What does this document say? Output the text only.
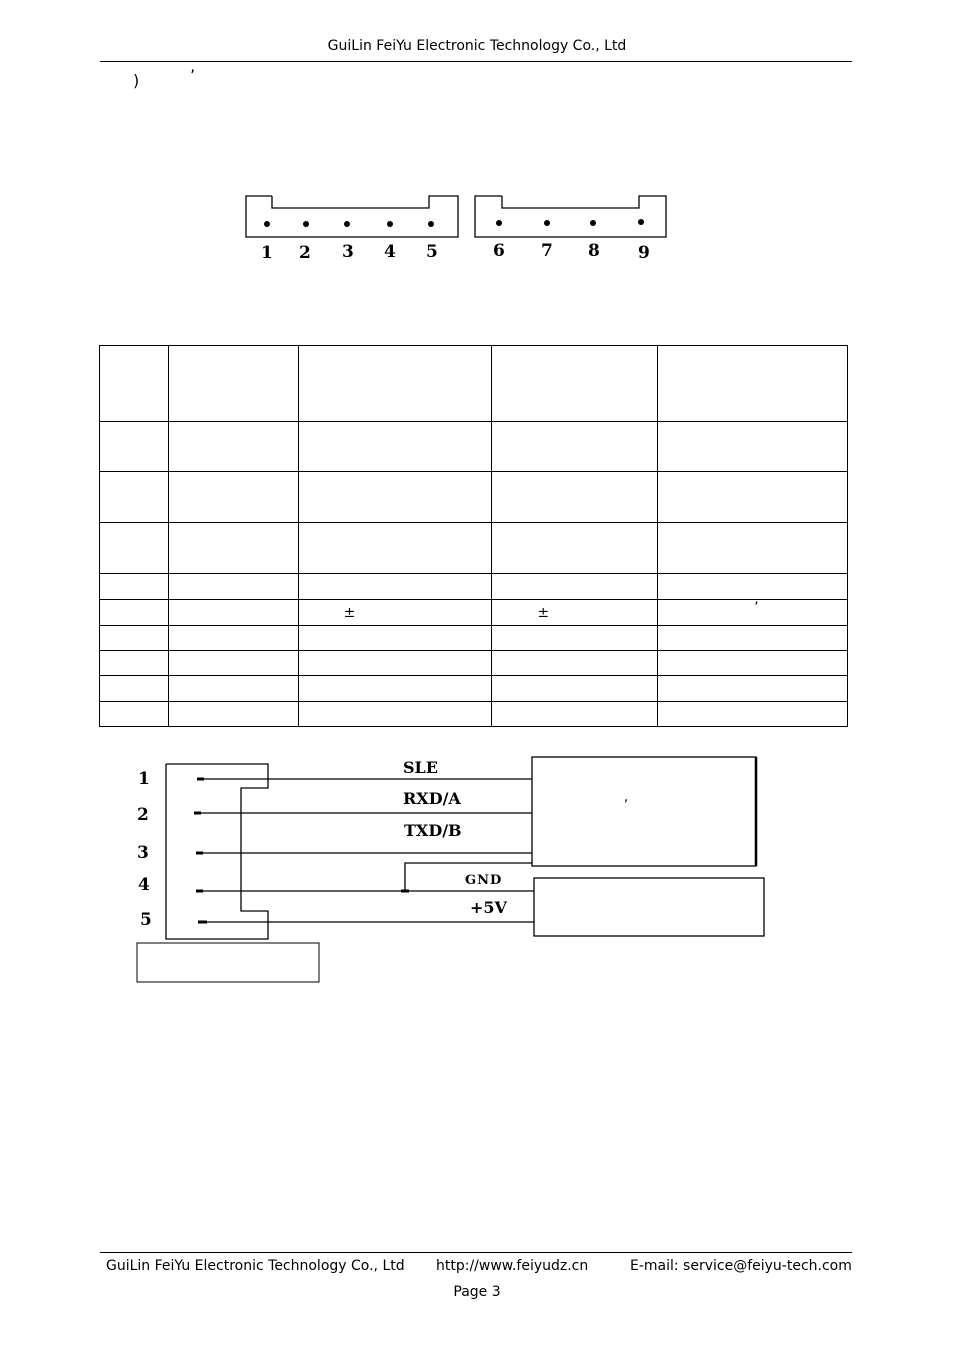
GuiLin FeiYu Electronic Technology Co., Ltd
)	’
1 2 3 4 5	6 7 8 9

		±	±	’

1
2
3
4
5
SLE
RXD/A
TXD/B
GND
+5V
,
GuiLin FeiYu Electronic Technology Co., Ltd http://www.feiyudz.cn	E-mail: service@feiyu-tech.com
Page 3
